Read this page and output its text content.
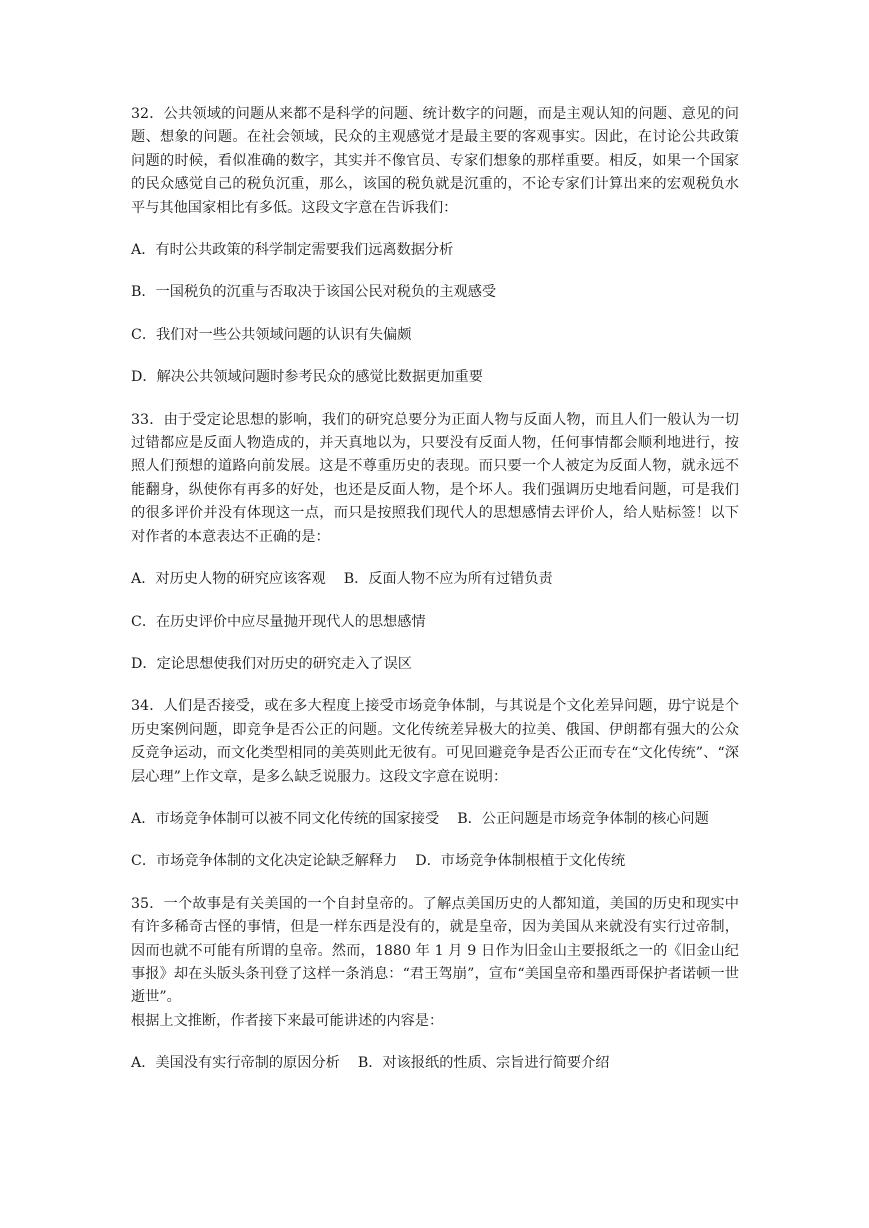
32．公共领域的问题从来都不是科学的问题、统计数字的问题，而是主观认知的问题、意见的问题、想象的问题。在社会领域，民众的主观感觉才是最主要的客观事实。因此，在讨论公共政策问题的时候，看似准确的数字，其实并不像官员、专家们想象的那样重要。相反，如果一个国家的民众感觉自己的税负沉重，那么，该国的税负就是沉重的，不论专家们计算出来的宏观税负水平与其他国家相比有多低。这段文字意在告诉我们：

A．有时公共政策的科学制定需要我们远离数据分析

B．一国税负的沉重与否取决于该国公民对税负的主观感受

C．我们对一些公共领域问题的认识有失偏颇

D．解决公共领域问题时参考民众的感觉比数据更加重要

33．由于受定论思想的影响，我们的研究总要分为正面人物与反面人物，而且人们一般认为一切过错都应是反面人物造成的，并天真地以为，只要没有反面人物，任何事情都会顺利地进行，按照人们预想的道路向前发展。这是不尊重历史的表现。而只要一个人被定为反面人物，就永远不能翻身，纵使你有再多的好处，也还是反面人物，是个坏人。我们强调历史地看问题，可是我们的很多评价并没有体现这一点，而只是按照我们现代人的思想感情去评价人，给人贴标签！以下对作者的本意表达不正确的是：

A．对历史人物的研究应该客观 B．反面人物不应为所有过错负责

C．在历史评价中应尽量抛开现代人的思想感情

D．定论思想使我们对历史的研究走入了误区

34．人们是否接受，或在多大程度上接受市场竞争体制，与其说是个文化差异问题，毋宁说是个历史案例问题，即竞争是否公正的问题。文化传统差异极大的拉美、俄国、伊朗都有强大的公众反竞争运动，而文化类型相同的美英则此无彼有。可见回避竞争是否公正而专在“文化传统”、“深层心理”上作文章，是多么缺乏说服力。这段文字意在说明：

A．市场竞争体制可以被不同文化传统的国家接受 B．公正问题是市场竞争体制的核心问题

C．市场竞争体制的文化决定论缺乏解释力 D．市场竞争体制根植于文化传统

35．一个故事是有关美国的一个自封皇帝的。了解点美国历史的人都知道，美国的历史和现实中有许多稀奇古怪的事情，但是一样东西是没有的，就是皇帝，因为美国从来就没有实行过帝制，因而也就不可能有所谓的皇帝。然而，1880 年 1 月 9 日作为旧金山主要报纸之一的《旧金山纪事报》却在头版头条刊登了这样一条消息：“君王驾崩”，宣布“美国皇帝和墨西哥保护者诺顿一世逝世”。

根据上文推断，作者接下来最可能讲述的内容是：

A．美国没有实行帝制的原因分析 B．对该报纸的性质、宗旨进行简要介绍
